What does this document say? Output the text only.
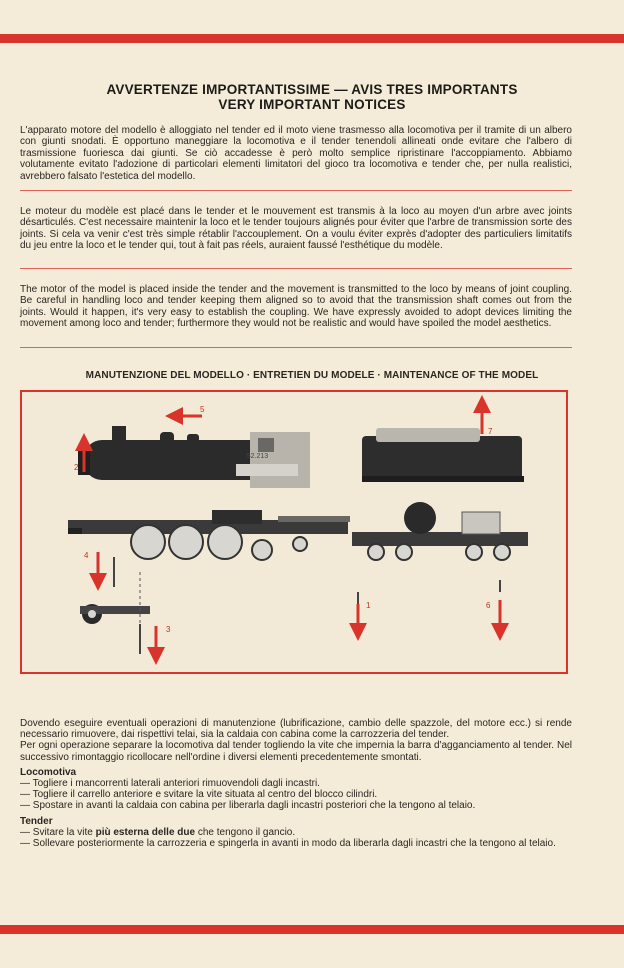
AVVERTENZE IMPORTANTISSIME — AVIS TRES IMPORTANTS
VERY IMPORTANT NOTICES
L'apparato motore del modello è alloggiato nel tender ed il moto viene trasmesso alla locomotiva per il tramite di un albero con giunti snodati. È opportuno maneggiare la locomotiva e il tender tenendoli allineati onde evitare che l'albero di trasmissione fuoriesca dai giunti. Se ciò accadesse è però molto semplice ripristinare l'accoppiamento. Abbiamo volutamente evitato l'adozione di particolari elementi limitatori del gioco tra locomotiva e tender che, per nulla realistici, avrebbero falsato l'estetica del modello.
Le moteur du modèle est placé dans le tender et le mouvement est transmis à la loco au moyen d'un arbre avec joints désarticulés. C'est necessaire maintenir la loco et le tender toujours alignés pour éviter que l'arbre de transmission sorte des joints. Si cela va venir c'est très simple rétablir l'accouplement. On a voulu éviter exprès d'adopter des particuliers limitatifs du jeu entre la loco et le tender qui, tout à fait pas réels, auraient faussé l'esthétique du modèle.
The motor of the model is placed inside the tender and the movement is transmitted to the loco by means of joint coupling. Be careful in handling loco and tender keeping them aligned so to avoid that the transmission shaft comes out from the joints. Would it happen, it's very easy to establish the coupling. We have expressly avoided to adopt devices limiting the movement among loco and tender; furthermore they would not be realistic and would have spoiled the model aesthetics.
MANUTENZIONE DEL MODELLO · ENTRETIEN DU MODELE · MAINTENANCE OF THE MODEL
S2.213
2
5
7
4
3
1	6

Dovendo eseguire eventuali operazioni di manutenzione (lubrificazione, cambio delle spazzole, del motore ecc.) si rende necessario rimuovere, dai rispettivi telai, sia la caldaia con cabina come la carrozzeria del tender.

Per ogni operazione separare la locomotiva dal tender togliendo la vite che impernia la barra d'agganciamento al tender. Nel successivo rimontaggio ricollocare nell'ordine i diversi elementi precedentemente smontati.

Locomotiva

— Togliere i mancorrenti laterali anteriori rimuovendoli dagli incastri.
— Togliere il carrello anteriore e svitare la vite situata al centro del blocco cilindri.
— Spostare in avanti la caldaia con cabina per liberarla dagli incastri posteriori che la tengono al telaio.

Tender

— Svitare la vite più esterna delle due che tengono il gancio.
— Sollevare posteriormente la carrozzeria e spingerla in avanti in modo da liberarla dagli incastri che la tengono al telaio.
